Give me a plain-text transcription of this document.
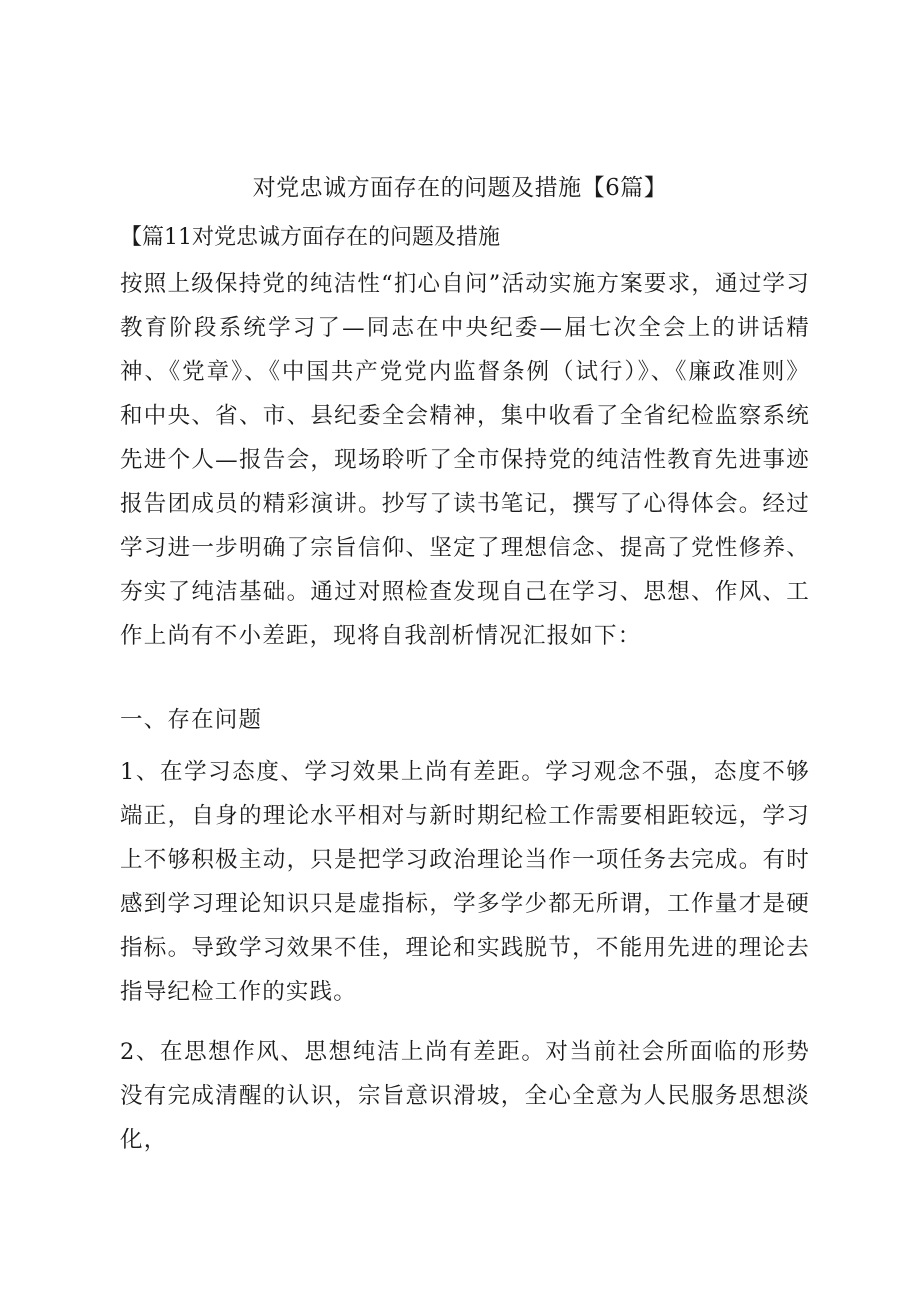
对党忠诚方面存在的问题及措施【6篇】
【篇11对党忠诚方面存在的问题及措施

按照上级保持党的纯洁性“扪心自问”活动实施方案要求，通过学习教育阶段系统学习了—同志在中央纪委—届七次全会上的讲话精神、《党章》、《中国共产党党内监督条例（试行）》、《廉政准则》和中央、省、市、县纪委全会精神，集中收看了全省纪检监察系统先进个人—报告会，现场聆听了全市保持党的纯洁性教育先进事迹报告团成员的精彩演讲。抄写了读书笔记，撰写了心得体会。经过学习进一步明确了宗旨信仰、坚定了理想信念、提高了党性修养、夯实了纯洁基础。通过对照检查发现自己在学习、思想、作风、工作上尚有不小差距，现将自我剖析情况汇报如下：

一、存在问题

1、在学习态度、学习效果上尚有差距。学习观念不强，态度不够端正，自身的理论水平相对与新时期纪检工作需要相距较远，学习上不够积极主动，只是把学习政治理论当作一项任务去完成。有时感到学习理论知识只是虚指标，学多学少都无所谓，工作量才是硬指标。导致学习效果不佳，理论和实践脱节，不能用先进的理论去指导纪检工作的实践。

2、在思想作风、思想纯洁上尚有差距。对当前社会所面临的形势没有完成清醒的认识，宗旨意识滑坡，全心全意为人民服务思想淡化，
